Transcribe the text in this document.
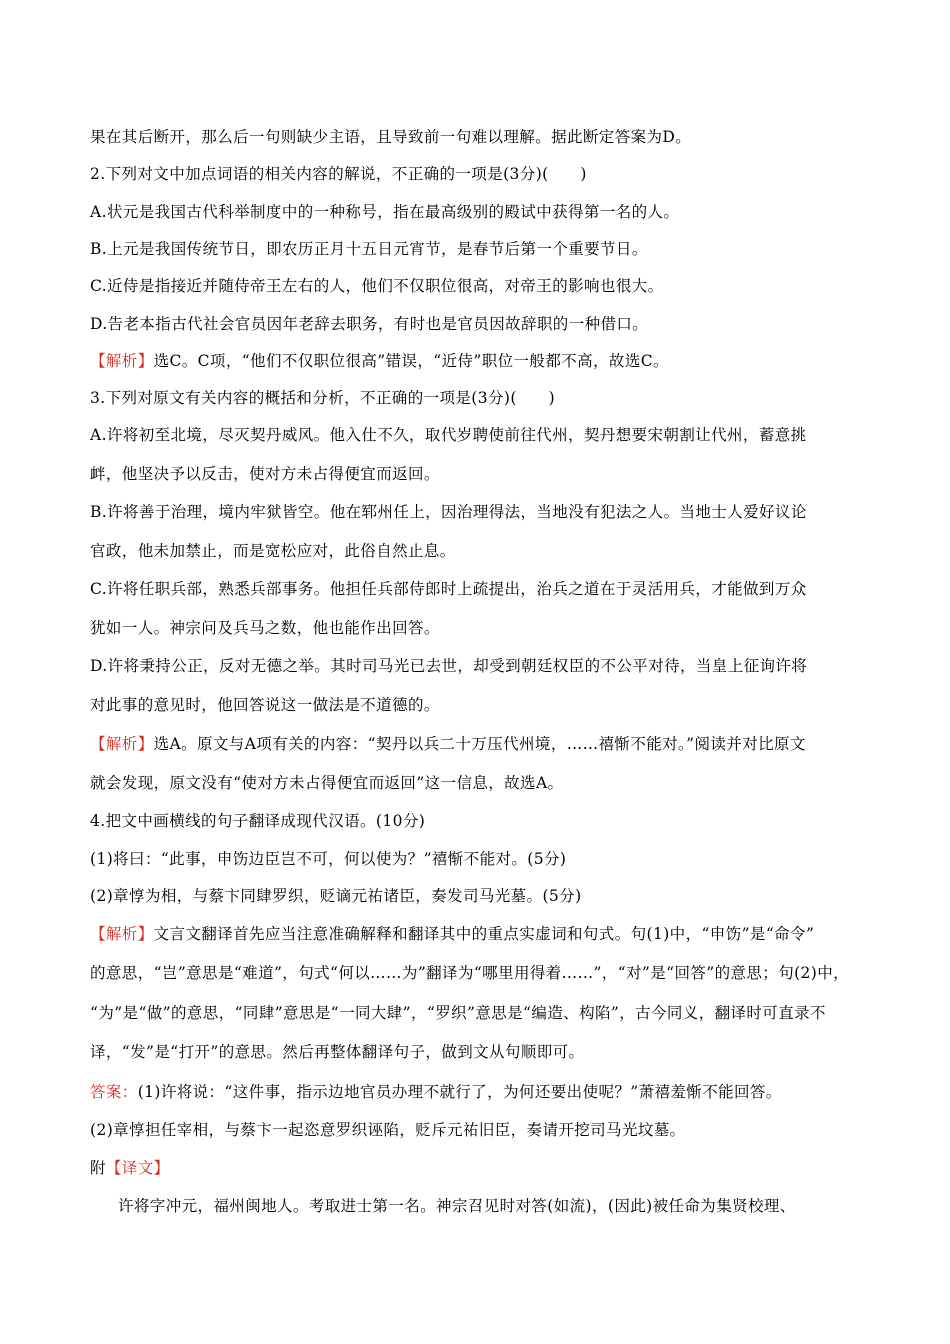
果在其后断开，那么后一句则缺少主语，且导致前一句难以理解。据此断定答案为D。
2.下列对文中加点词语的相关内容的解说，不正确的一项是(3分)(　　)
A.状元是我国古代科举制度中的一种称号，指在最高级别的殿试中获得第一名的人。
B.上元是我国传统节日，即农历正月十五日元宵节，是春节后第一个重要节日。
C.近侍是指接近并随侍帝王左右的人，他们不仅职位很高，对帝王的影响也很大。
D.告老本指古代社会官员因年老辞去职务，有时也是官员因故辞职的一种借口。
【解析】选C。C项，“他们不仅职位很高”错误，“近侍”职位一般都不高，故选C。
3.下列对原文有关内容的概括和分析，不正确的一项是(3分)(　　)
A.许将初至北境，尽灭契丹威风。他入仕不久，取代岁聘使前往代州，契丹想要宋朝割让代州，蓄意挑
衅，他坚决予以反击，使对方未占得便宜而返回。
B.许将善于治理，境内牢狱皆空。他在郓州任上，因治理得法，当地没有犯法之人。当地士人爱好议论
官政，他未加禁止，而是宽松应对，此俗自然止息。
C.许将任职兵部，熟悉兵部事务。他担任兵部侍郎时上疏提出，治兵之道在于灵活用兵，才能做到万众
犹如一人。神宗问及兵马之数，他也能作出回答。
D.许将秉持公正，反对无德之举。其时司马光已去世，却受到朝廷权臣的不公平对待，当皇上征询许将
对此事的意见时，他回答说这一做法是不道德的。
【解析】选A。原文与A项有关的内容：“契丹以兵二十万压代州境，……禧惭不能对。”阅读并对比原文
就会发现，原文没有“使对方未占得便宜而返回”这一信息，故选A。
4.把文中画横线的句子翻译成现代汉语。(10分)
(1)将曰：“此事，申饬边臣岂不可，何以使为？”禧惭不能对。(5分)
(2)章惇为相，与蔡卞同肆罗织，贬谪元祐诸臣，奏发司马光墓。(5分)
【解析】文言文翻译首先应当注意准确解释和翻译其中的重点实虚词和句式。句(1)中，“申饬”是“命令”
的意思，“岂”意思是“难道”，句式“何以……为”翻译为“哪里用得着……”，“对”是“回答”的意思；句(2)中，
“为”是“做”的意思，“同肆”意思是“一同大肆”，“罗织”意思是“编造、构陷”，古今同义，翻译时可直录不
译，“发”是“打开”的意思。然后再整体翻译句子，做到文从句顺即可。
答案：(1)许将说：“这件事，指示边地官员办理不就行了，为何还要出使呢？”萧禧羞惭不能回答。
(2)章惇担任宰相，与蔡卞一起恣意罗织诬陷，贬斥元祐旧臣，奏请开挖司马光坟墓。
附【译文】
许将字冲元，福州闽地人。考取进士第一名。神宗召见时对答(如流)，(因此)被任命为集贤校理、
